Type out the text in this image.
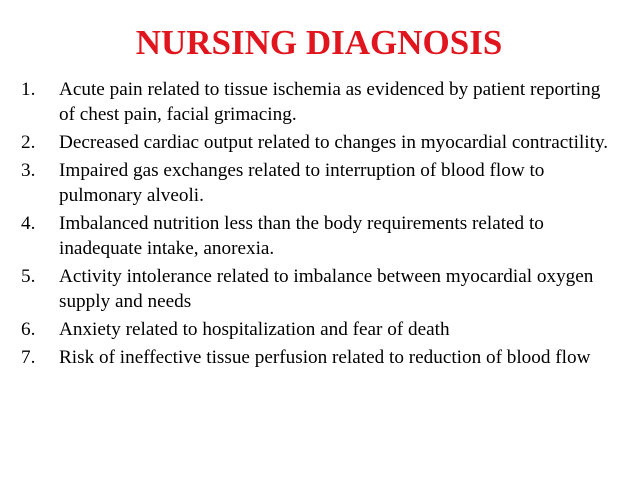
NURSING DIAGNOSIS
1. Acute pain related to tissue ischemia as evidenced by patient reporting of chest pain, facial grimacing.
2. Decreased cardiac output related to changes in myocardial contractility.
3. Impaired gas exchanges related to interruption of blood flow to pulmonary alveoli.
4. Imbalanced nutrition less than the body requirements related to inadequate intake, anorexia.
5. Activity intolerance related to imbalance between myocardial oxygen supply and needs
6. Anxiety related to hospitalization and fear of death
7. Risk of ineffective tissue perfusion related to reduction of blood flow
